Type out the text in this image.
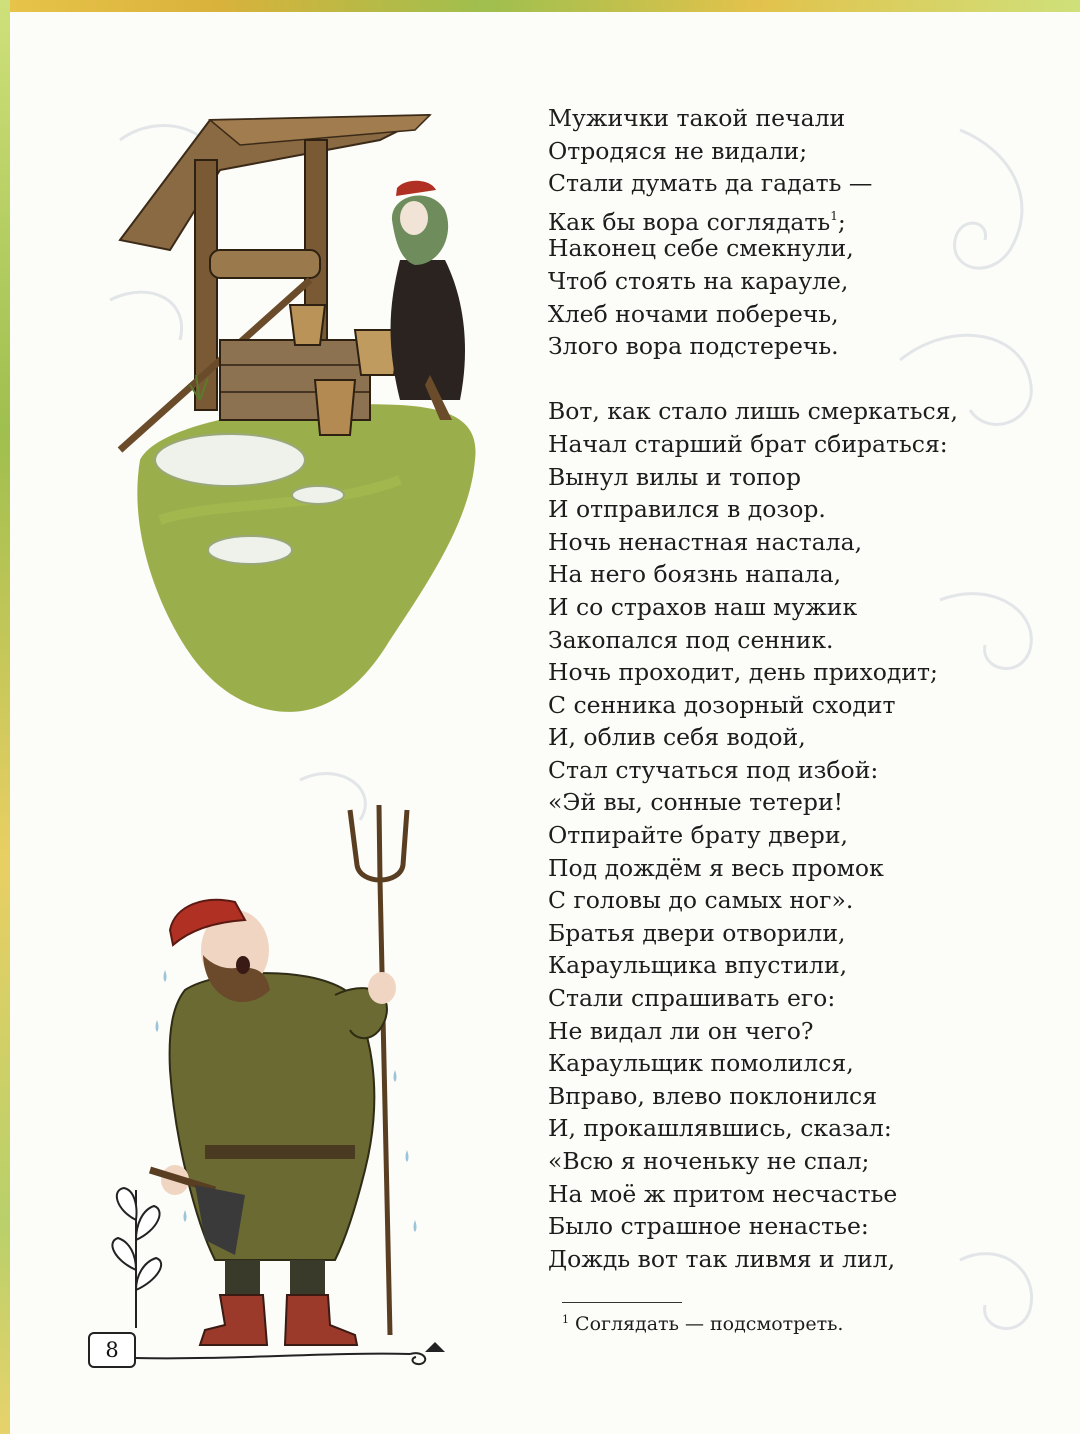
8
Мужички такой печали
Отродяся не видали;
Стали думать да гадать —
Как бы вора соглядать$^1$;
Наконец себе смекнули,
Чтоб стоять на карауле,
Хлеб ночами поберечь,
Злого вора подстеречь.
Вот, как стало лишь смеркаться,
Начал старший брат сбираться:
Вынул вилы и топор
И отправился в дозор.
Ночь ненастная настала,
На него боязнь напала,
И со страхов наш мужик
Закопался под сенник.
Ночь проходит, день приходит;
С сенника дозорный сходит
И, облив себя водой,
Стал стучаться под избой:
«Эй вы, сонные тетери!
Отпирайте брату двери,
Под дождём я весь промок
С головы до самых ног».
Братья двери отворили,
Караульщика впустили,
Стали спрашивать его:
Не видал ли он чего?
Караульщик помолился,
Вправо, влево поклонился
И, прокашлявшись, сказал:
«Всю я ноченьку не спал;
На моё ж притом несчастье
Было страшное ненастье:
Дождь вот так ливмя и лил,
$^1$ Соглядать — подсмотреть.
